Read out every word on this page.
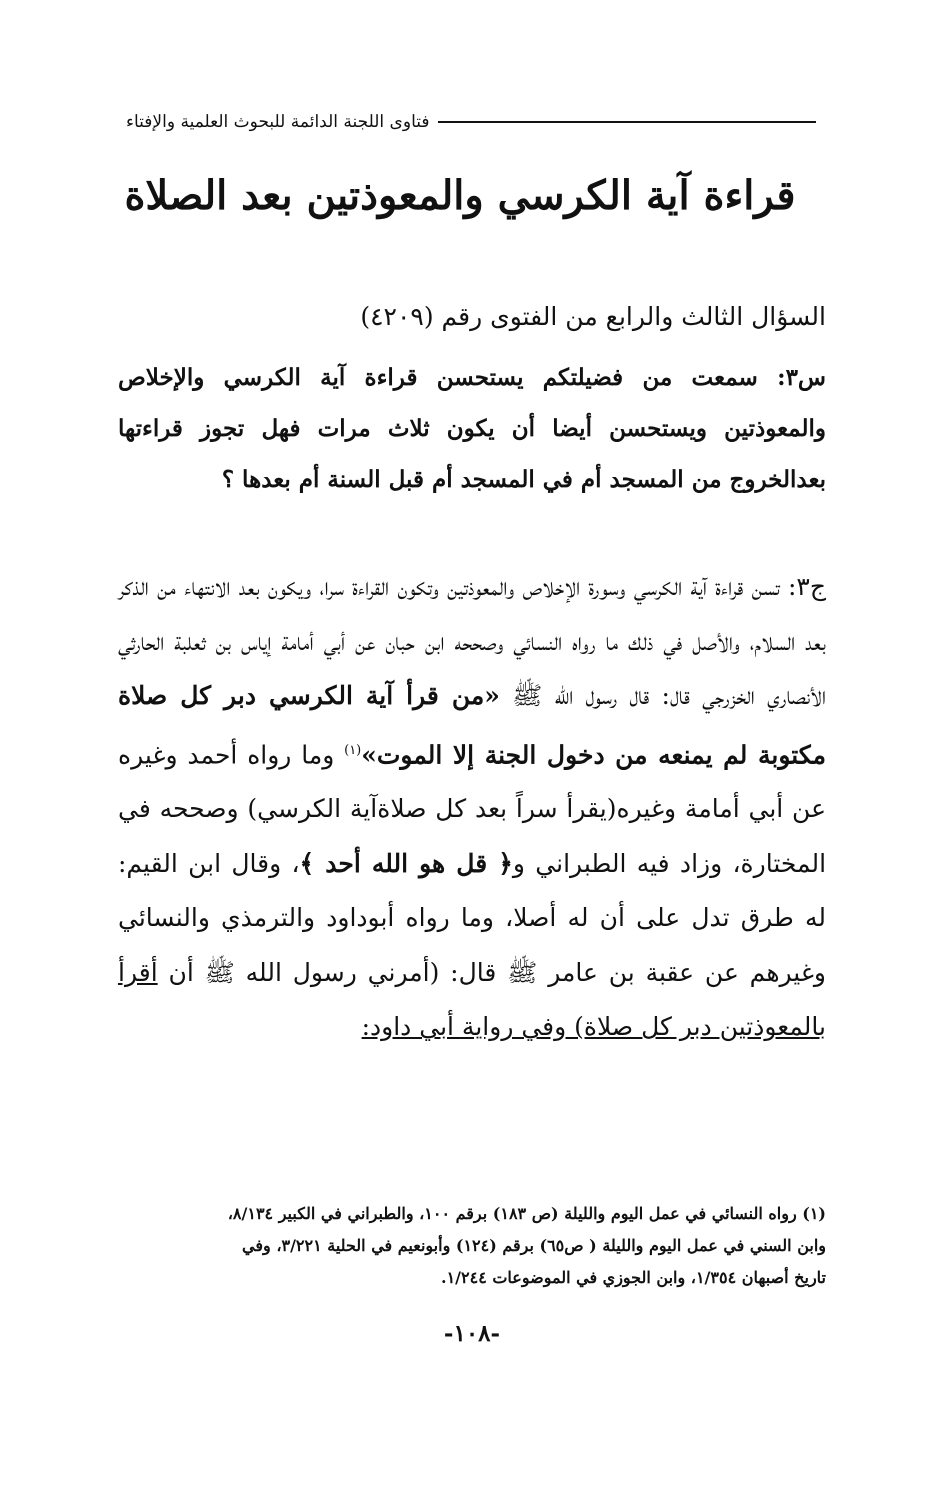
فتاوى اللجنة الدائمة للبحوث العلمية والإفتاء
قراءة آية الكرسي والمعوذتين بعد الصلاة

السؤال الثالث والرابع من الفتوى رقم (٤٢٠٩)

س٣: سمعت من فضيلتكم يستحسن قراءة آية الكرسي والإخلاص والمعوذتين ويستحسن أيضا أن يكون ثلاث مرات فهل تجوز قراءتها بعدالخروج من المسجد أم في المسجد أم قبل السنة أم بعدها ؟

ج٣: تسن قراءة آية الكرسي وسورة الإخلاص والمعوذتين وتكون القراءة سرا، ويكون بعد الانتهاء من الذكر بعد السلام، والأصل في ذلك ما رواه النسائي وصححه ابن حبان عن أبي أمامة إياس بن ثعلبة الحارثي الأنصاري الخزرجي قال: قال رسول الله ﷺ «من قرأ آية الكرسي دبر كل صلاة مكتوبة لم يمنعه من دخول الجنة إلا الموت»$^{(١)}$ وما رواه أحمد وغيره عن أبي أمامة وغيره(يقرأ سراً بعد كل صلاةآية الكرسي) وصححه في المختارة، وزاد فيه الطبراني و﴿ قل هو الله أحد ﴾، وقال ابن القيم: له طرق تدل على أن له أصلا، وما رواه أبوداود والترمذي والنسائي وغيرهم عن عقبة بن عامر ﷺ قال: (أمرني رسول الله ﷺ أن أقرأ بالمعوذتين دبر كل صلاة) وفي رواية أبي داود:

(١) رواه النسائي في عمل اليوم والليلة (ص ١٨٣) برقم ١٠٠، والطبراني في الكبير ٨/١٣٤،

وابن السني في عمل اليوم والليلة ( ص٦٥) برقم (١٢٤) وأبونعيم في الحلية ٣/٢٢١، وفي

تاريخ أصبهان ١/٣٥٤، وابن الجوزي في الموضوعات ١/٢٤٤.

-١٠٨-
